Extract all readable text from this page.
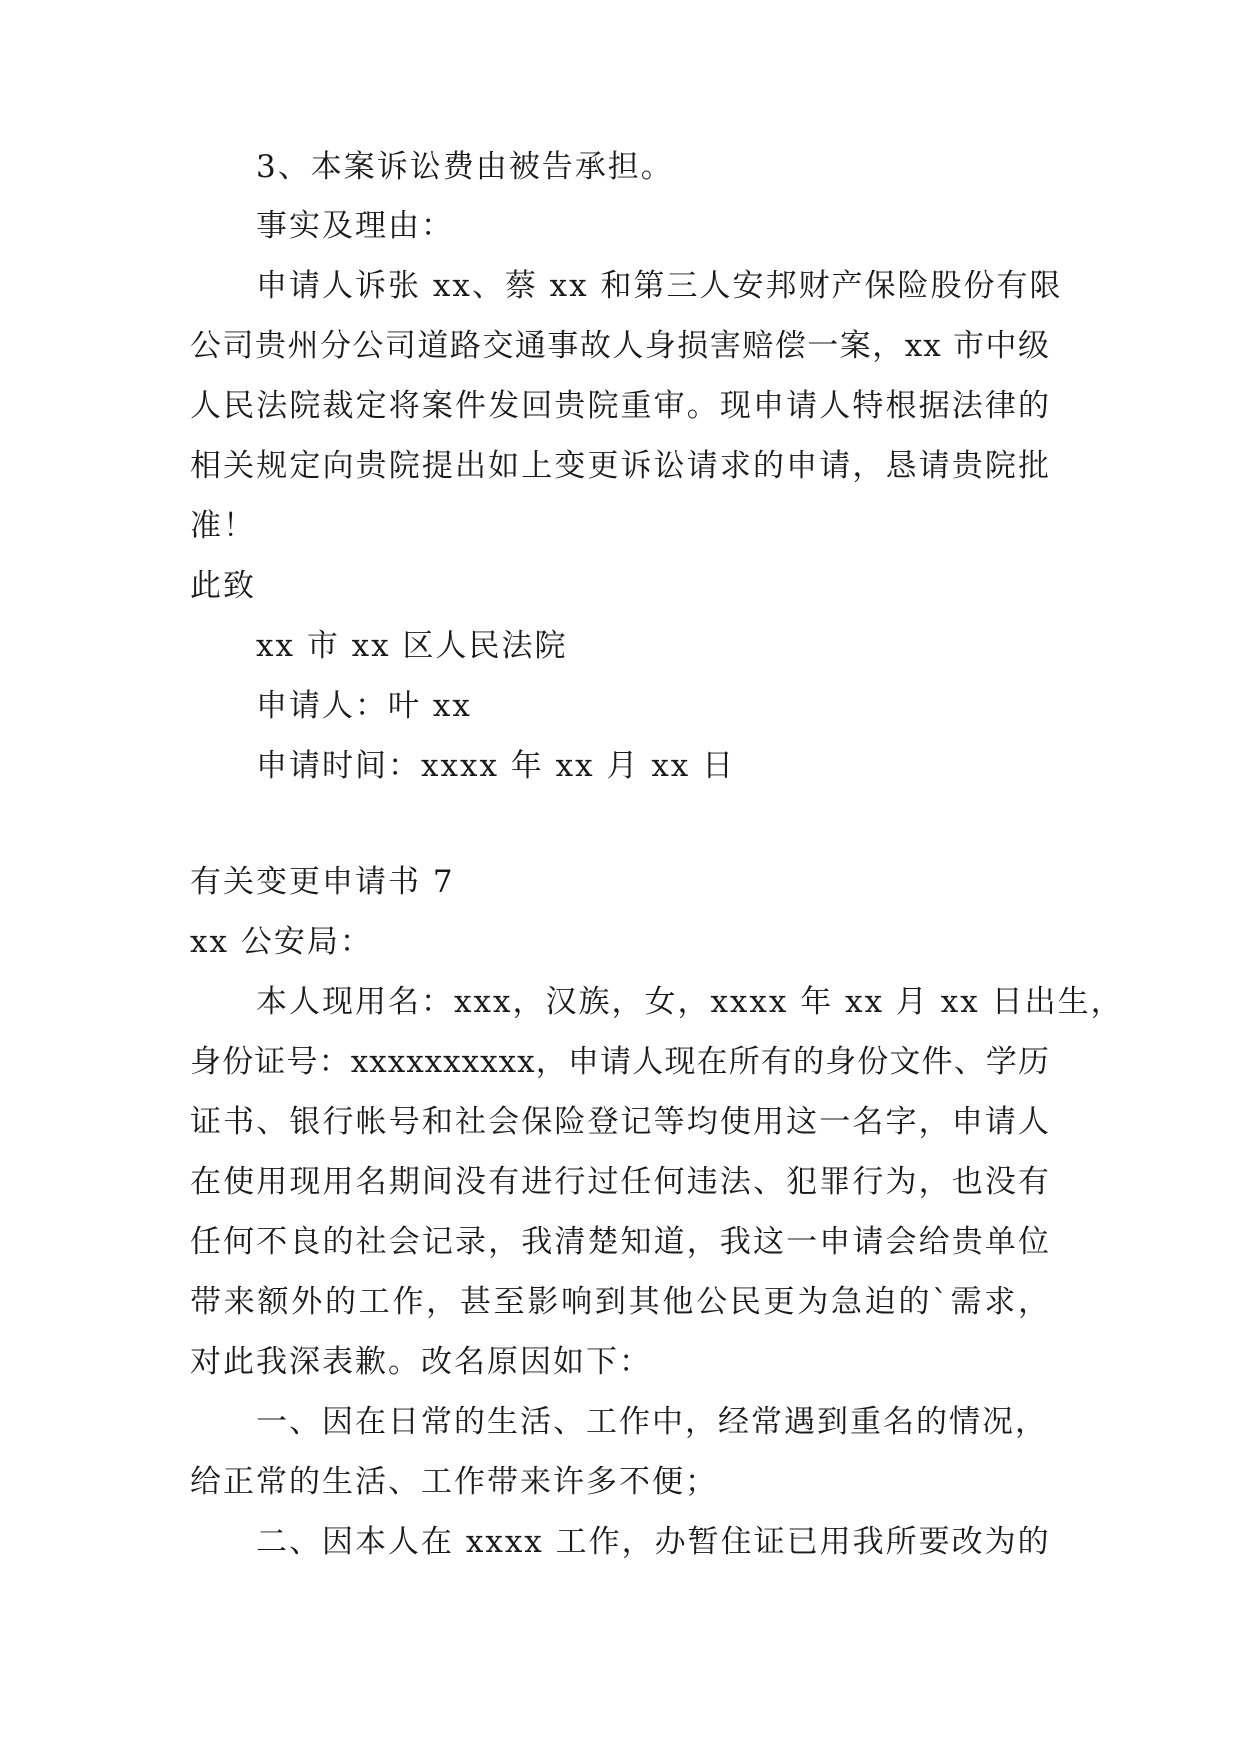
3、本案诉讼费由被告承担。
事实及理由：
申请人诉张 xx、蔡 xx 和第三人安邦财产保险股份有限
公司贵州分公司道路交通事故人身损害赔偿一案，xx 市中级
人民法院裁定将案件发回贵院重审。现申请人特根据法律的
相关规定向贵院提出如上变更诉讼请求的申请，恳请贵院批
准！
此致
xx 市 xx 区人民法院
申请人：叶 xx
申请时间：xxxx 年 xx 月 xx 日
有关变更申请书 7
xx 公安局：
本人现用名：xxx，汉族，女，xxxx 年 xx 月 xx 日出生，
身份证号：xxxxxxxxxx，申请人现在所有的身份文件、学历
证书、银行帐号和社会保险登记等均使用这一名字，申请人
在使用现用名期间没有进行过任何违法、犯罪行为，也没有
任何不良的社会记录，我清楚知道，我这一申请会给贵单位
带来额外的工作，甚至影响到其他公民更为急迫的`需求，
对此我深表歉。改名原因如下：
一、因在日常的生活、工作中，经常遇到重名的情况，
给正常的生活、工作带来许多不便；
二、因本人在 xxxx 工作，办暂住证已用我所要改为的
